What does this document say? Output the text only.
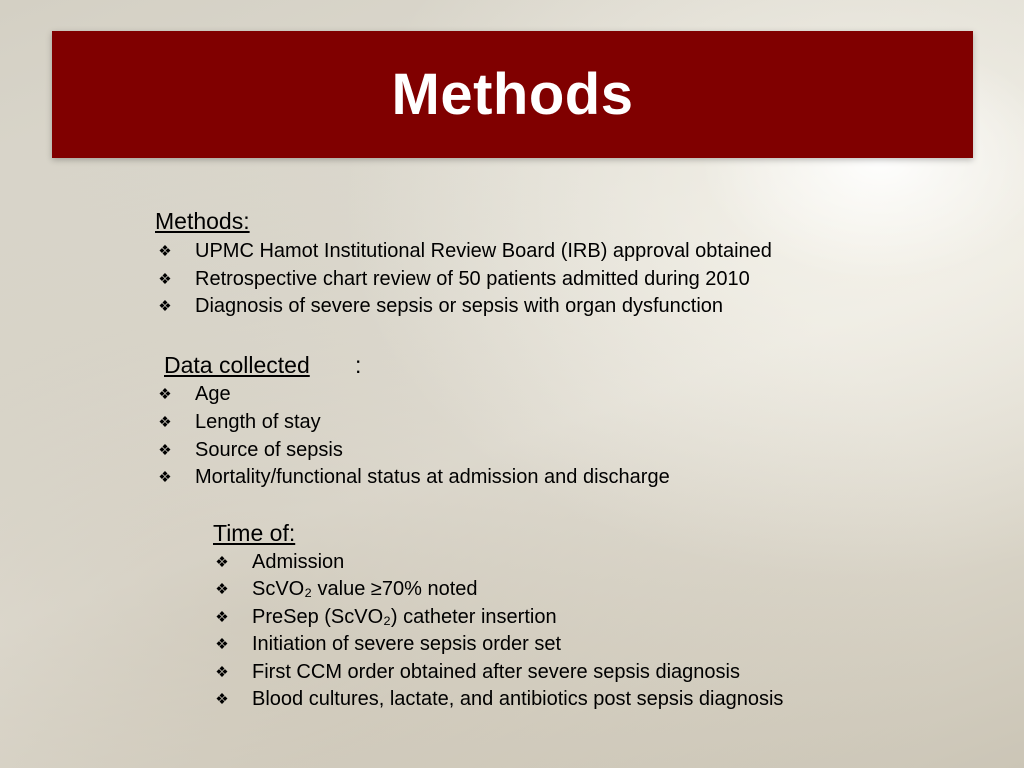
Methods
Methods:
❖ UPMC Hamot Institutional Review Board (IRB) approval obtained
❖ Retrospective chart review of 50 patients admitted during 2010
❖ Diagnosis of severe sepsis or sepsis with organ dysfunction
Data collected :
❖ Age
❖ Length of stay
❖ Source of sepsis
❖ Mortality/functional status at admission and discharge
Time of:
❖ Admission
❖ ScVO₂ value ≥70% noted
❖ PreSep (ScVO₂) catheter insertion
❖ Initiation of severe sepsis order set
❖ First CCM order obtained after severe sepsis diagnosis
❖ Blood cultures, lactate, and antibiotics post sepsis diagnosis
